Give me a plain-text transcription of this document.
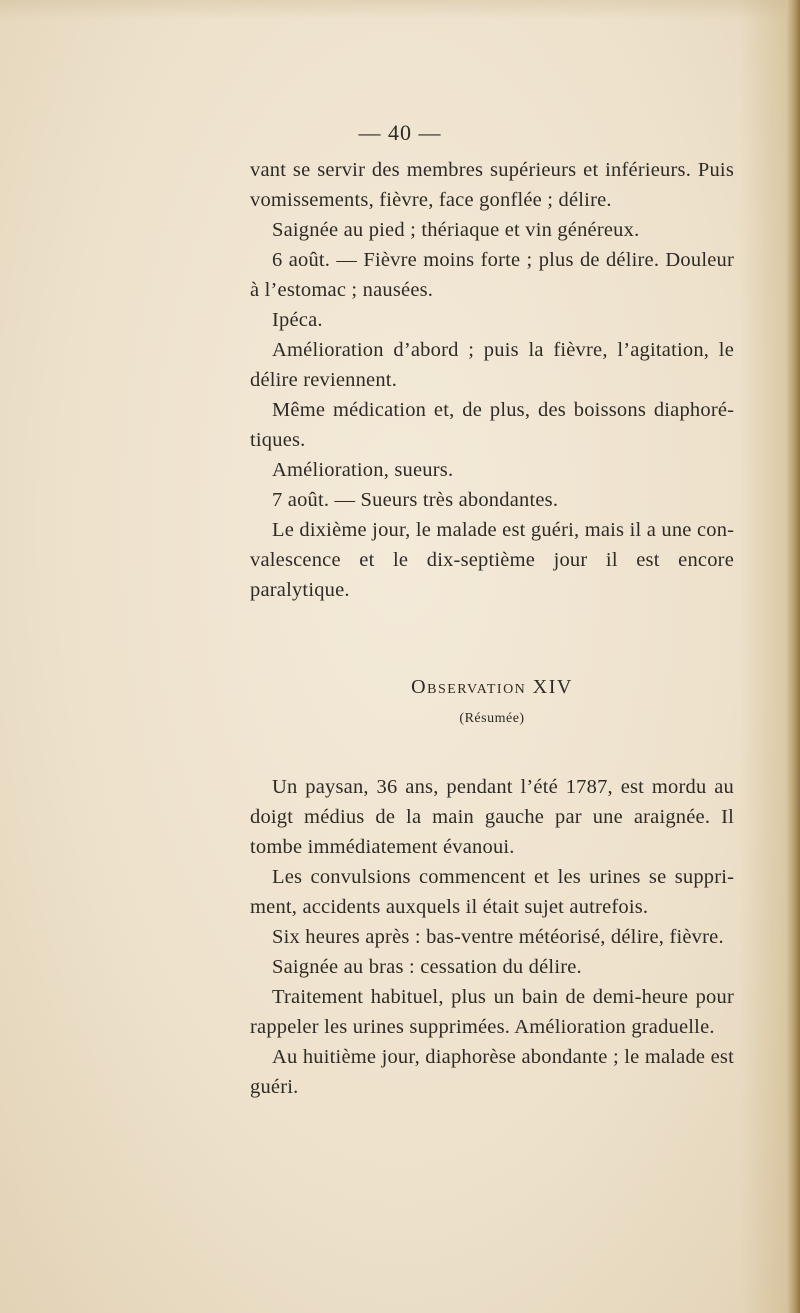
— 40 —

vant se servir des membres supérieurs et inférieurs. Puis vomissements, fièvre, face gonflée ; délire.

Saignée au pied ; thériaque et vin généreux.

6 août. — Fièvre moins forte ; plus de délire. Douleur à l’estomac ; nausées.

Ipéca.

Amélioration d’abord ; puis la fièvre, l’agitation, le délire reviennent.

Même médication et, de plus, des boissons diaphorétiques.

Amélioration, sueurs.

7 août. — Sueurs très abondantes.

Le dixième jour, le malade est guéri, mais il a une convalescence et le dix-septième jour il est encore paralytique.

Observation XIV
(Résumée)

Un paysan, 36 ans, pendant l’été 1787, est mordu au doigt médius de la main gauche par une araignée. Il tombe immédiatement évanoui.

Les convulsions commencent et les urines se suppriment, accidents auxquels il était sujet autrefois.

Six heures après : bas-ventre météorisé, délire, fièvre.

Saignée au bras : cessation du délire.

Traitement habituel, plus un bain de demi-heure pour rappeler les urines supprimées. Amélioration graduelle.

Au huitième jour, diaphorèse abondante ; le malade est guéri.
